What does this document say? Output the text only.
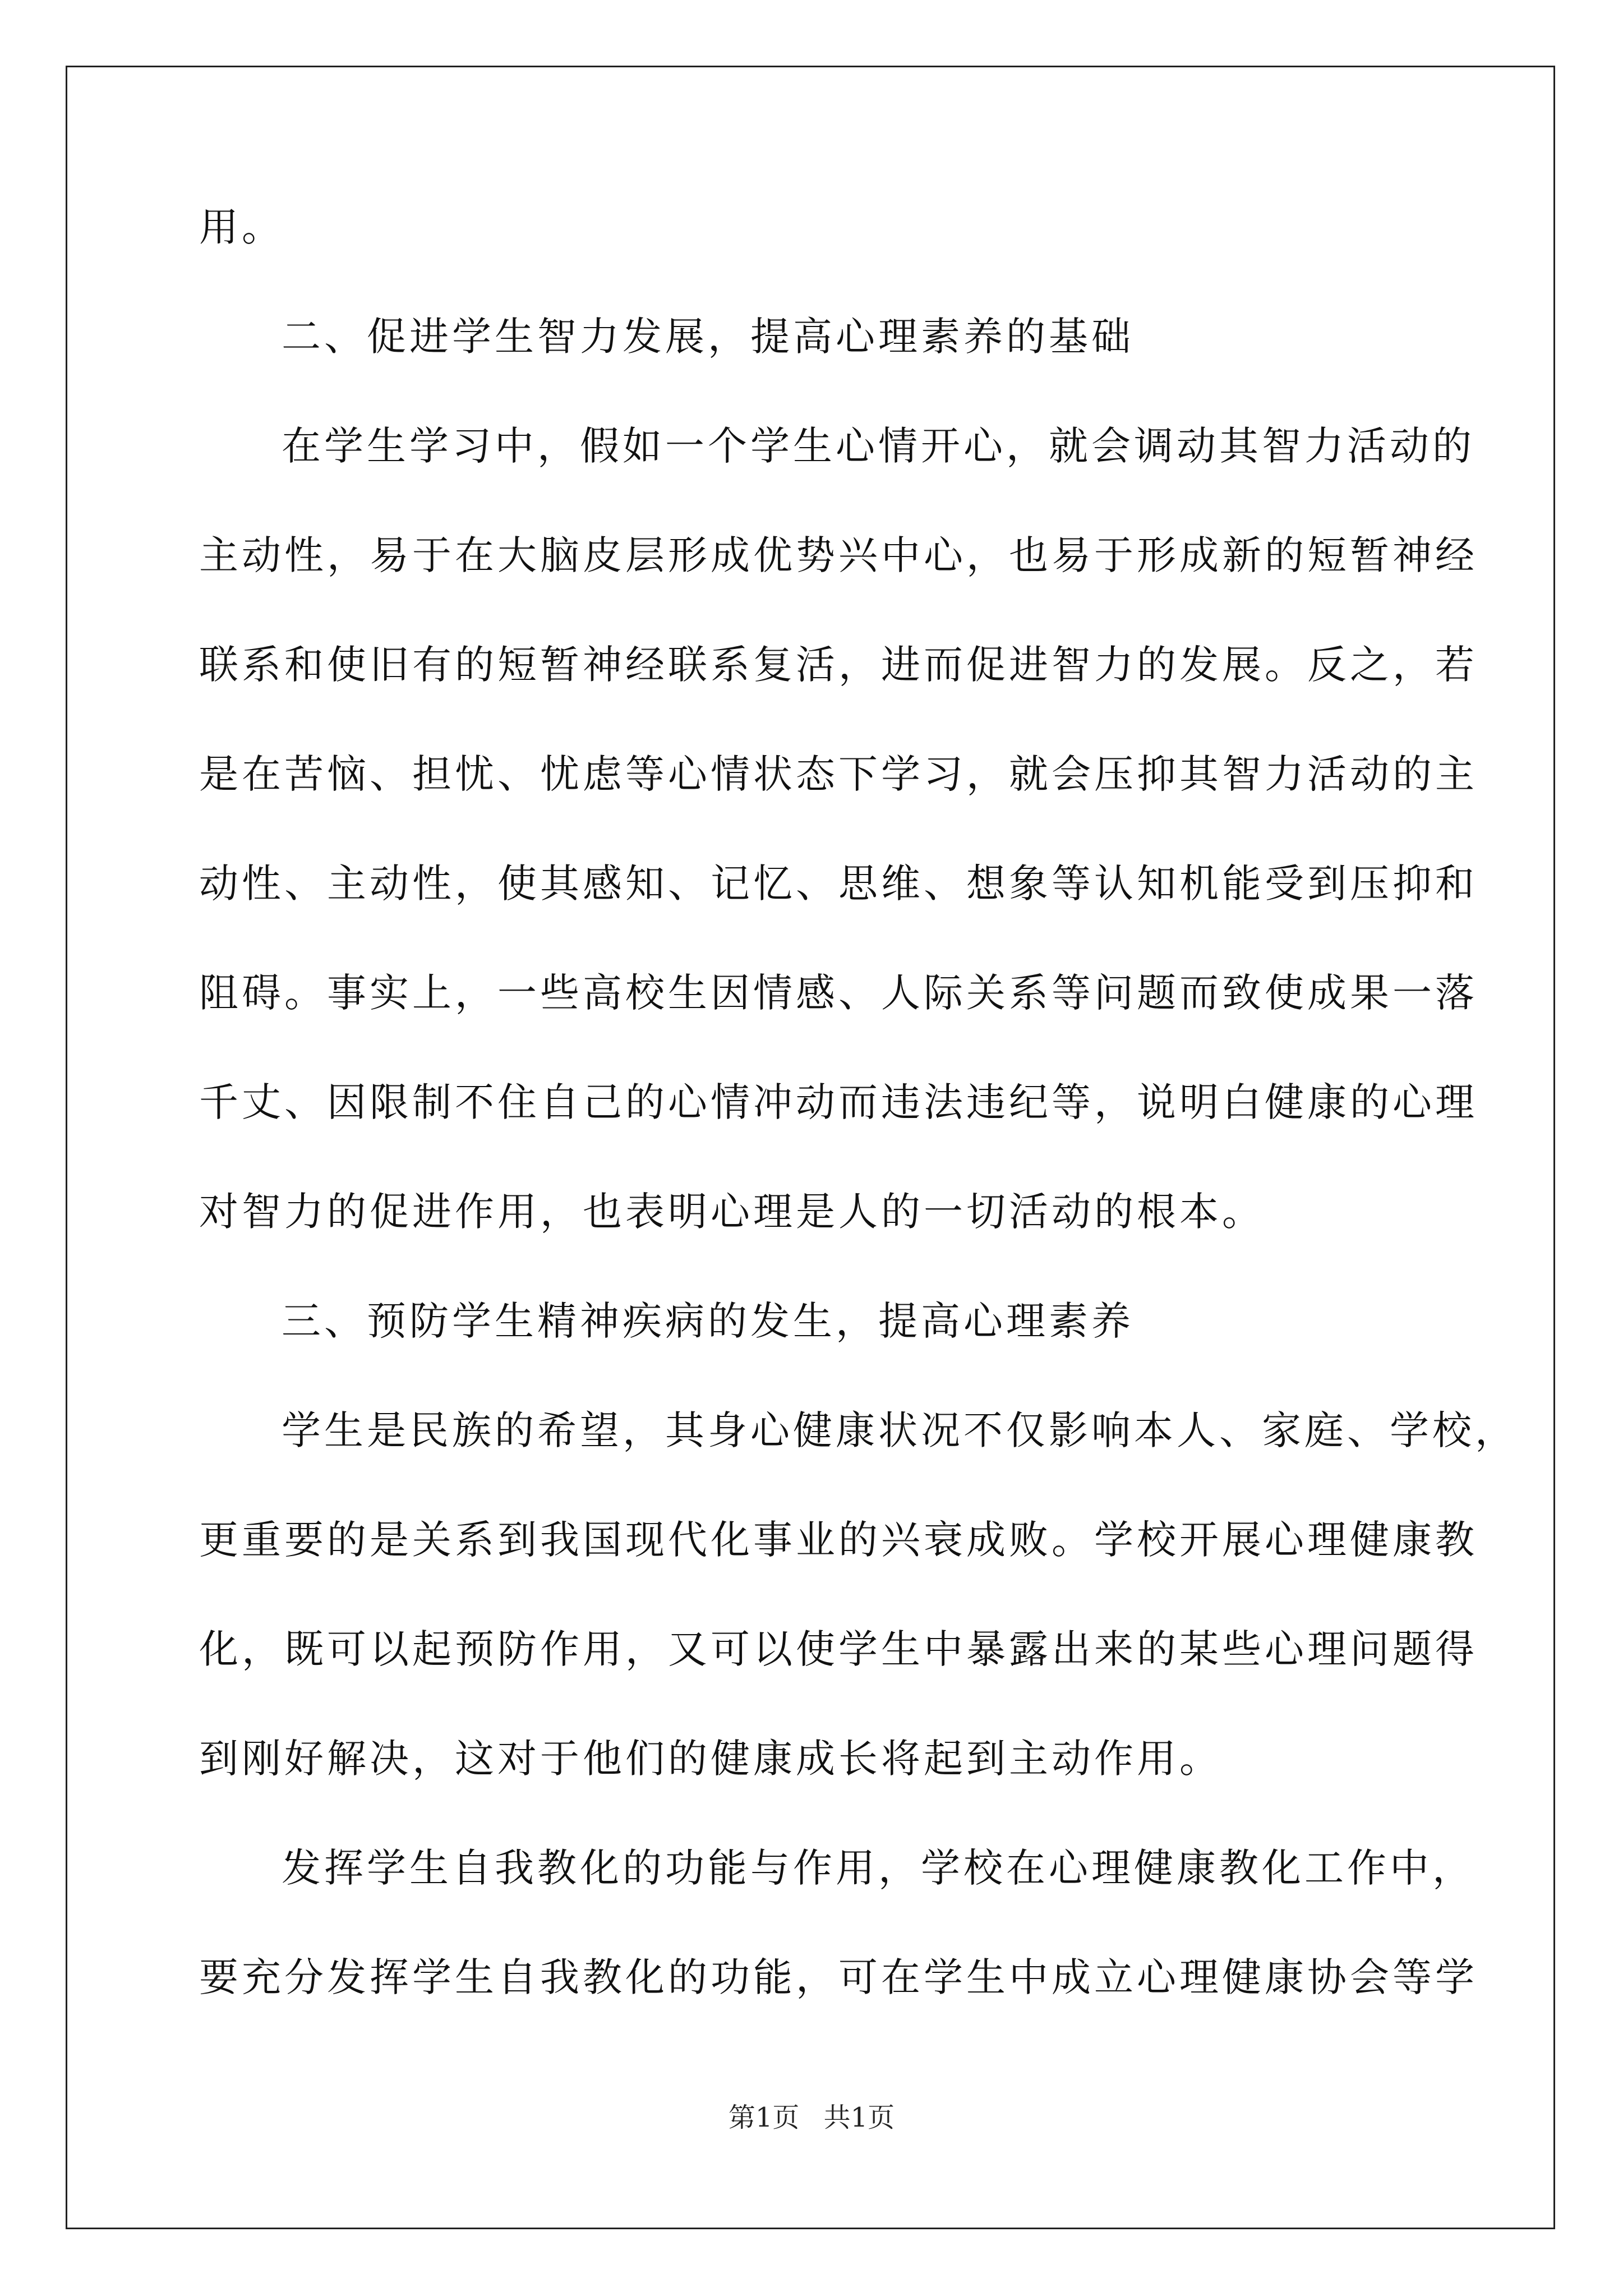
用。
二、促进学生智力发展，提高心理素养的基础
在学生学习中，假如一个学生心情开心，就会调动其智力活动的
主动性，易于在大脑皮层形成优势兴中心，也易于形成新的短暂神经
联系和使旧有的短暂神经联系复活，进而促进智力的发展。反之，若
是在苦恼、担忧、忧虑等心情状态下学习，就会压抑其智力活动的主
动性、主动性，使其感知、记忆、思维、想象等认知机能受到压抑和
阻碍。事实上，一些高校生因情感、人际关系等问题而致使成果一落
千丈、因限制不住自己的心情冲动而违法违纪等，说明白健康的心理
对智力的促进作用，也表明心理是人的一切活动的根本。
三、预防学生精神疾病的发生，提高心理素养
学生是民族的希望，其身心健康状况不仅影响本人、家庭、学校，
更重要的是关系到我国现代化事业的兴衰成败。学校开展心理健康教
化，既可以起预防作用，又可以使学生中暴露出来的某些心理问题得
到刚好解决，这对于他们的健康成长将起到主动作用。
发挥学生自我教化的功能与作用，学校在心理健康教化工作中，
要充分发挥学生自我教化的功能，可在学生中成立心理健康协会等学
第1页 共1页
